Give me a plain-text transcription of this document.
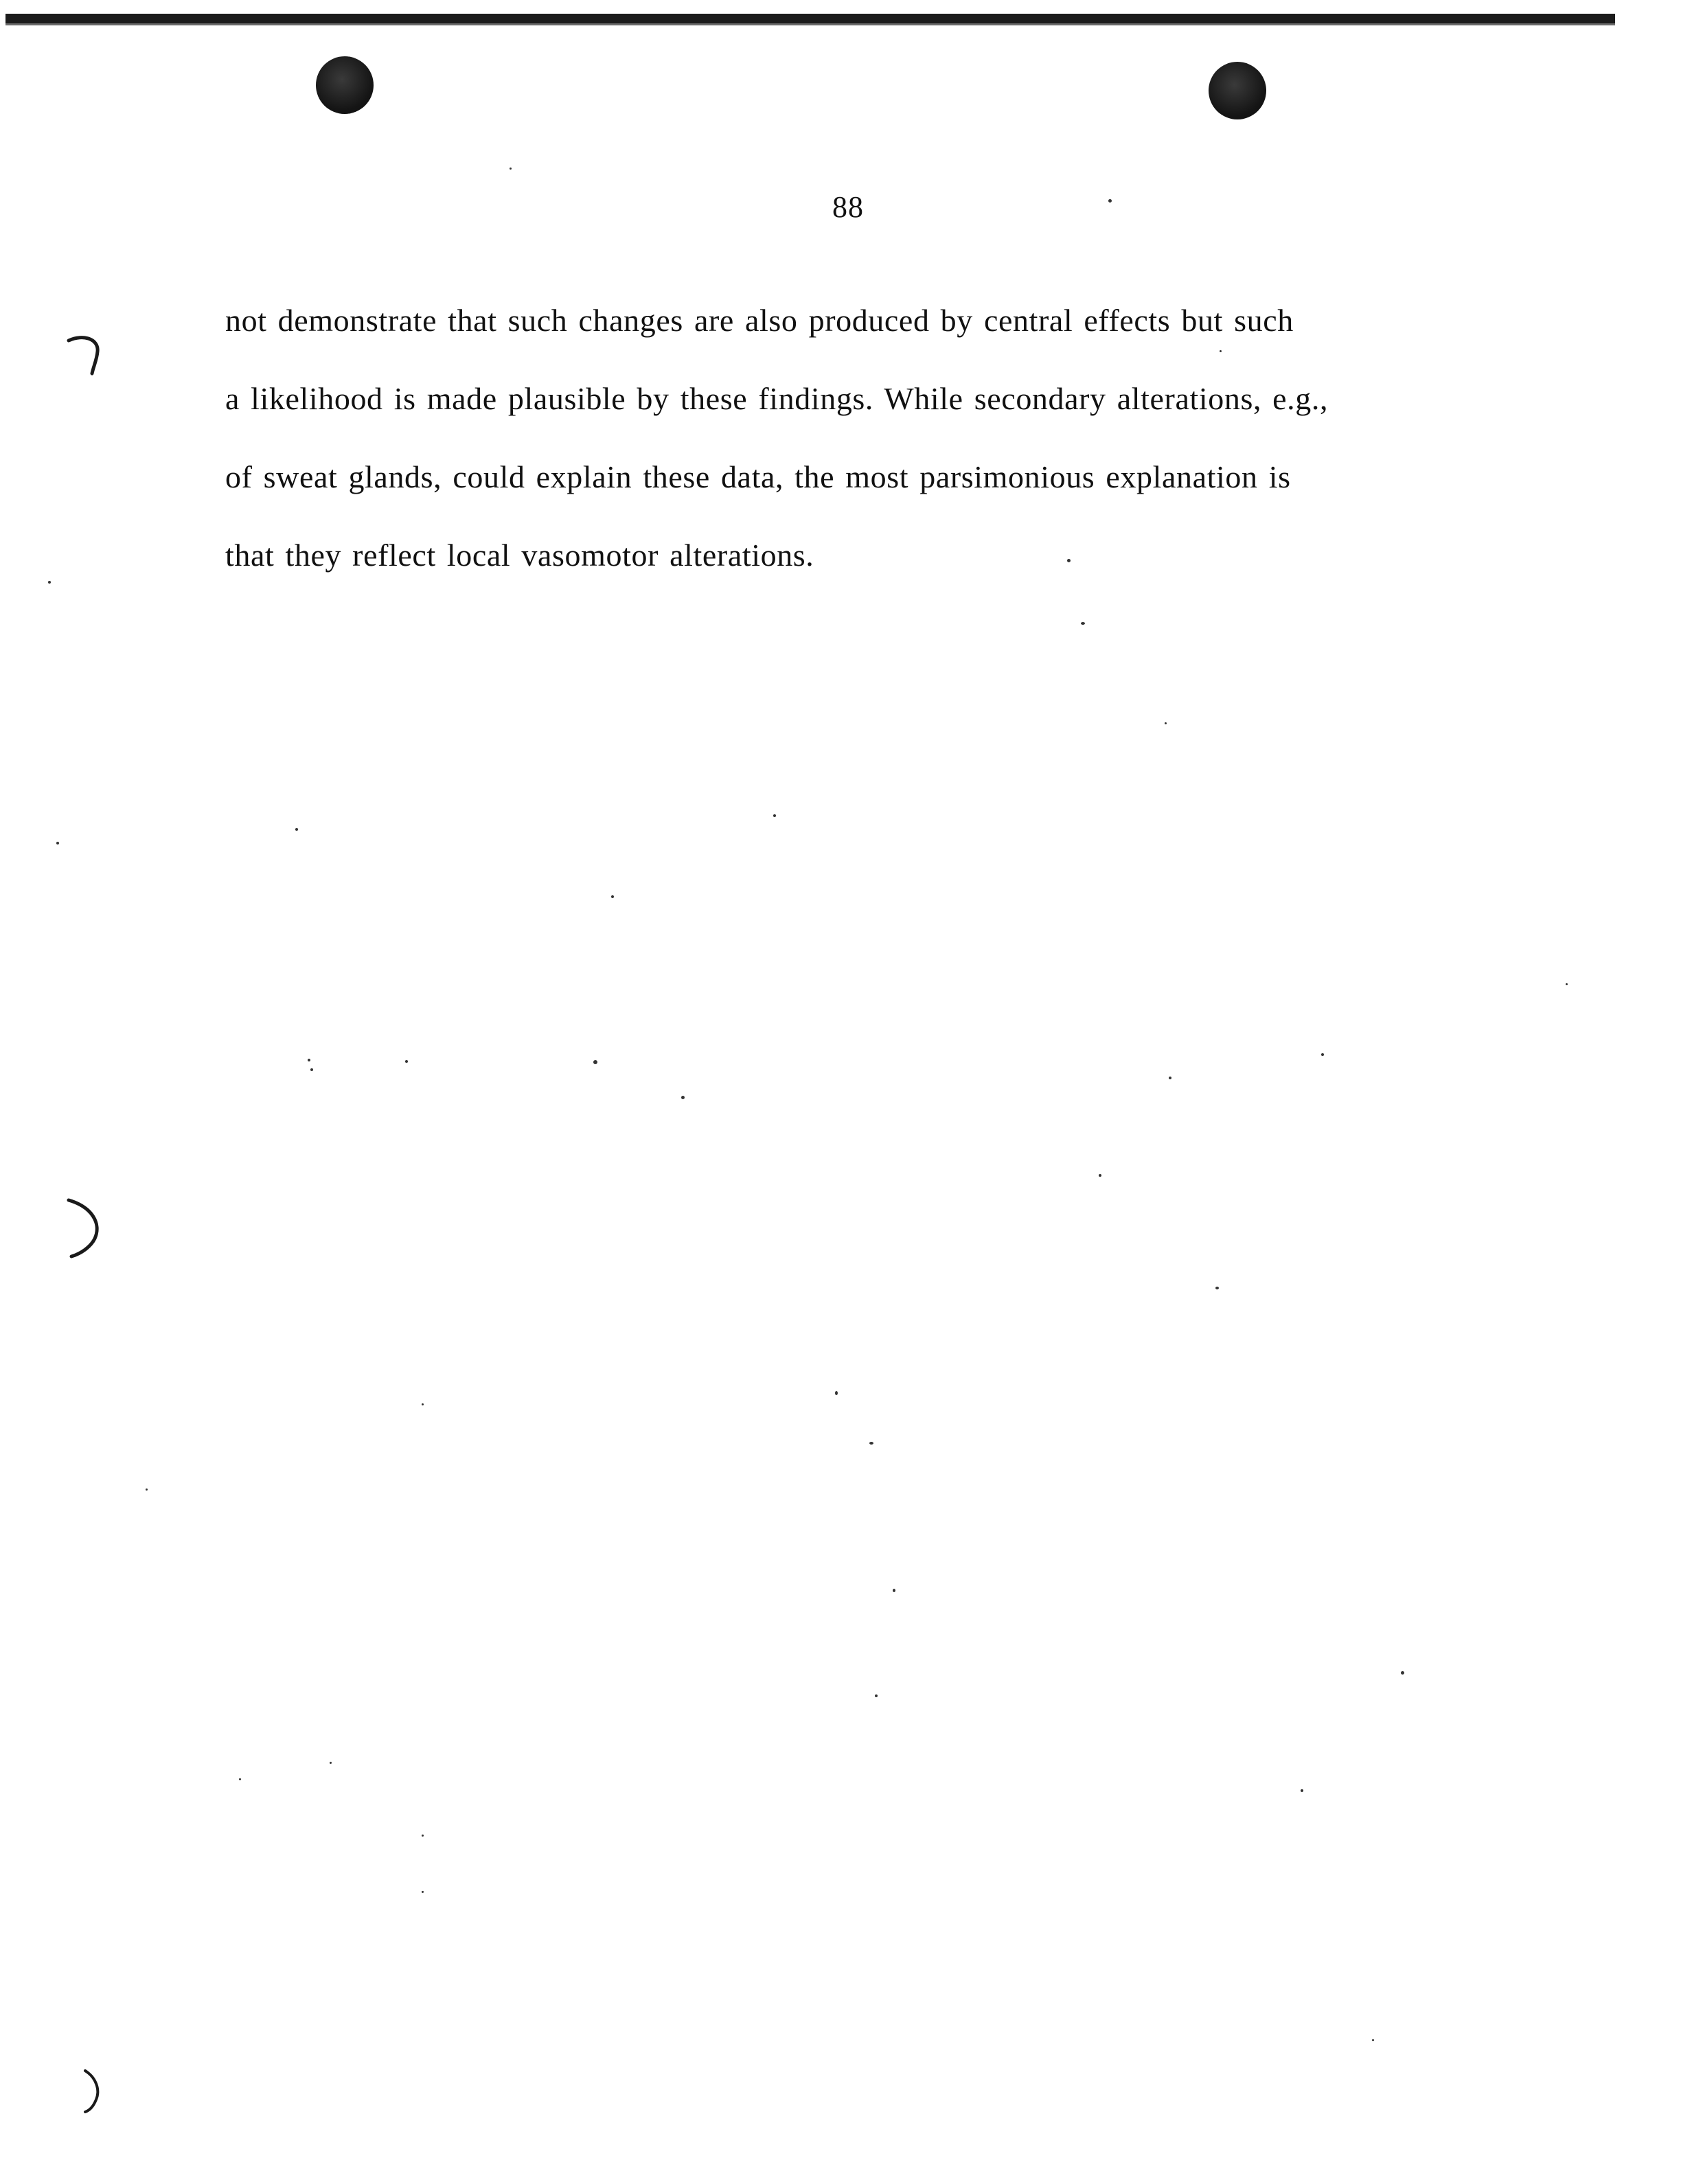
88
not demonstrate that such changes are also produced by central effects but such
a likelihood is made plausible by these findings. While secondary alterations, e.g.,
of sweat glands, could explain these data, the most parsimonious explanation is
that they reflect local vasomotor alterations.
